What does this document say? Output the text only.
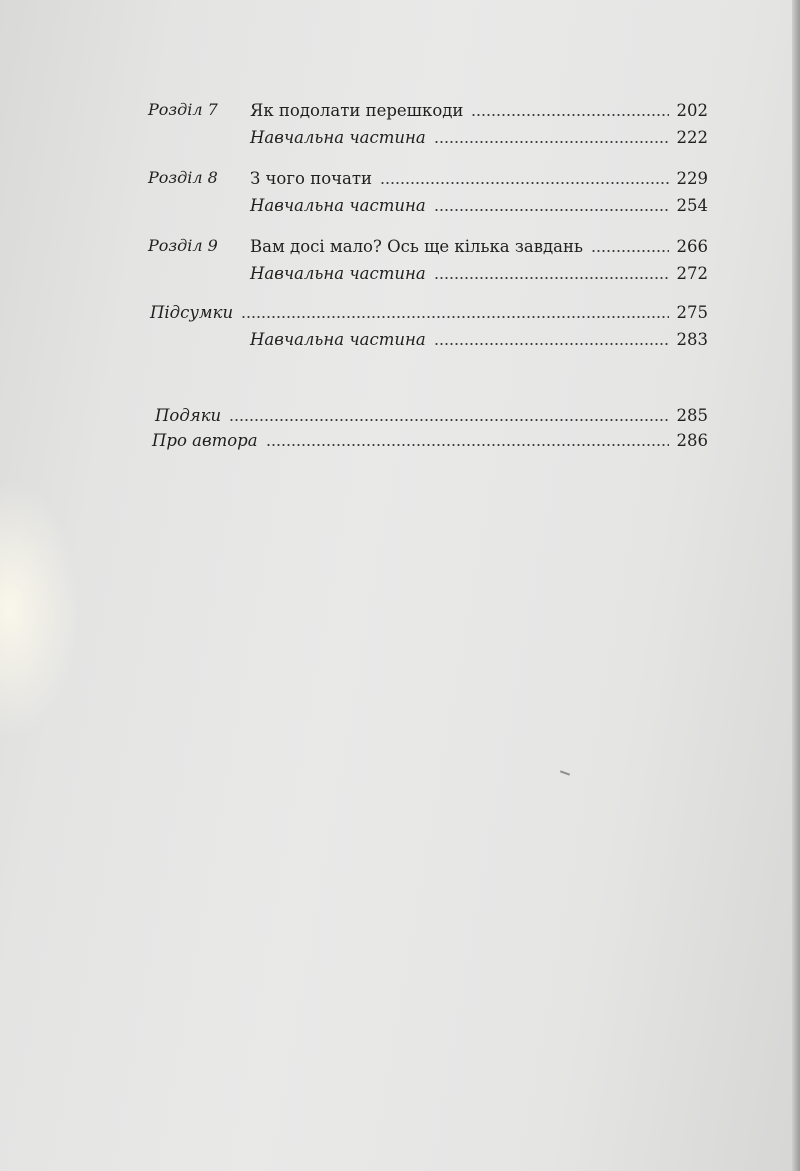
Розділ 7 Як подолати перешкоди	202
Навчальна частина	222
Розділ 8 З чого почати	229
Навчальна частина	254
Розділ 9 Вам досі мало? Ось ще кілька завдань	266
Навчальна частина	272
Підсумки	275
Навчальна частина	283
Подяки	285
Про автора	286
